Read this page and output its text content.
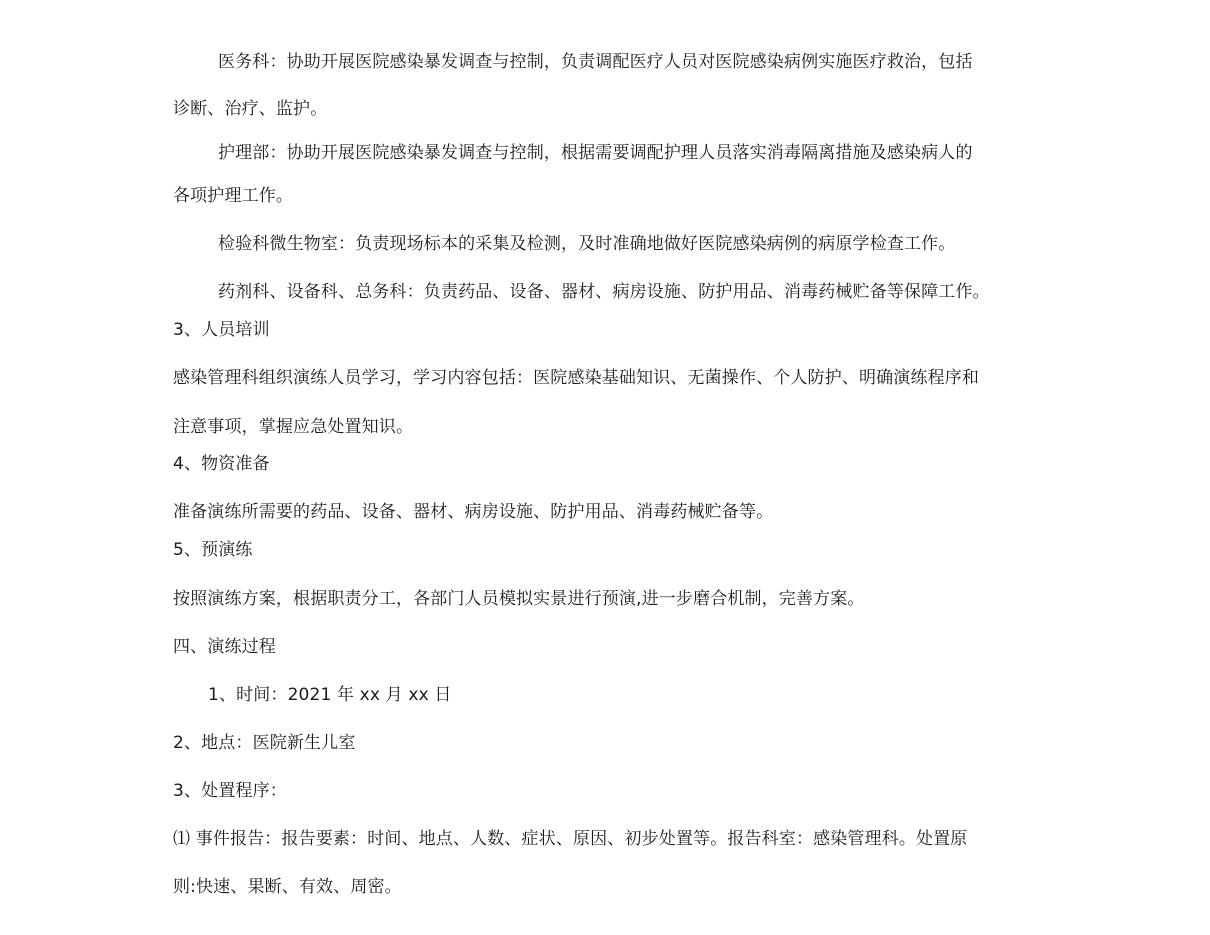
医务科：协助开展医院感染暴发调查与控制，负责调配医疗人员对医院感染病例实施医疗救治，包括
诊断、治疗、监护。
护理部：协助开展医院感染暴发调查与控制，根据需要调配护理人员落实消毒隔离措施及感染病人的
各项护理工作。
检验科微生物室：负责现场标本的采集及检测，及时准确地做好医院感染病例的病原学检查工作。
药剂科、设备科、总务科：负责药品、设备、器材、病房设施、防护用品、消毒药械贮备等保障工作。
3、人员培训
感染管理科组织演练人员学习，学习内容包括：医院感染基础知识、无菌操作、个人防护、明确演练程序和
注意事项，掌握应急处置知识。
4、物资准备
准备演练所需要的药品、设备、器材、病房设施、防护用品、消毒药械贮备等。
5、预演练
按照演练方案，根据职责分工，各部门人员模拟实景进行预演,进一步磨合机制，完善方案。
四、演练过程
1、时间：2021 年 xx 月 xx 日
2、地点：医院新生儿室
3、处置程序：
⑴ 事件报告：报告要素：时间、地点、人数、症状、原因、初步处置等。报告科室：感染管理科。处置原
则:快速、果断、有效、周密。
